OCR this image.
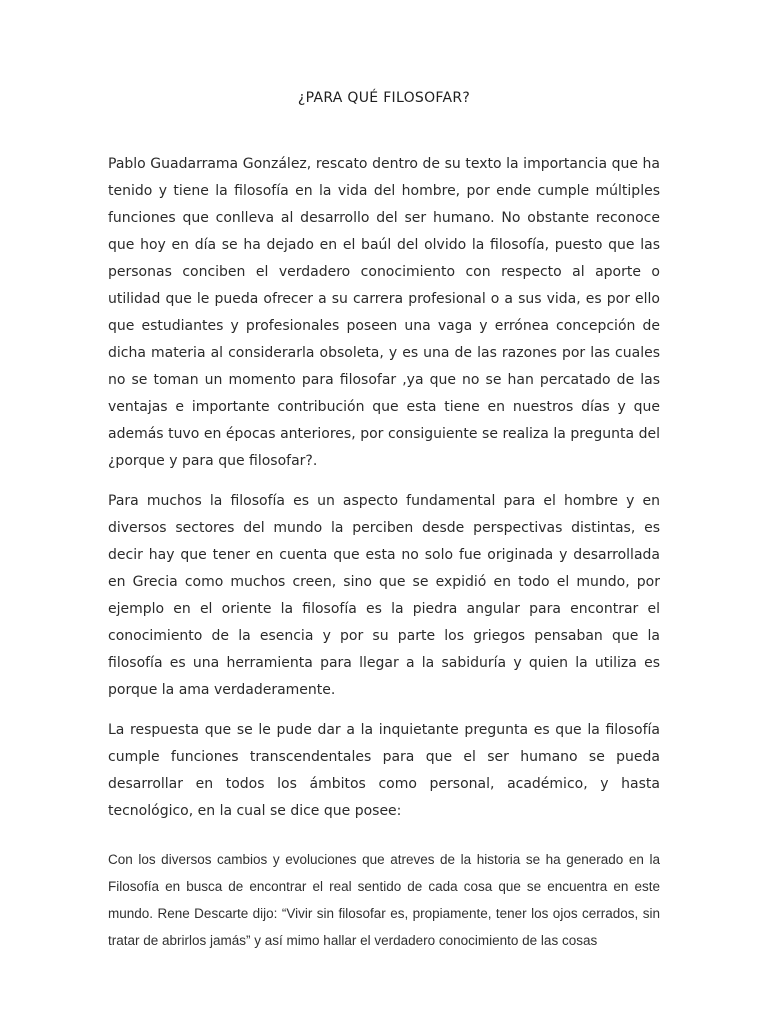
¿PARA QUÉ FILOSOFAR?

Pablo Guadarrama González, rescato dentro de su texto la importancia que ha tenido y tiene la filosofía en la vida del hombre, por ende cumple múltiples funciones que conlleva al desarrollo del ser humano. No obstante reconoce que hoy en día se ha dejado en el baúl del olvido la filosofía, puesto que las personas conciben el verdadero conocimiento con respecto al aporte o utilidad que le pueda ofrecer a su carrera profesional o a sus vida, es por ello que estudiantes y profesionales poseen una vaga y errónea concepción de dicha materia al considerarla obsoleta, y es una de las razones por las cuales no se toman un momento para filosofar ,ya que no se han percatado de las ventajas e importante contribución que esta tiene en nuestros días y que además tuvo en épocas anteriores, por consiguiente se realiza la pregunta del ¿porque y para que filosofar?.

Para muchos la filosofía es un aspecto fundamental para el hombre y en diversos sectores del mundo la perciben desde perspectivas distintas, es decir hay que tener en cuenta que esta no solo fue originada y desarrollada en Grecia como muchos creen, sino que se expidió en todo el mundo, por ejemplo en el oriente la filosofía es la piedra angular para encontrar el conocimiento de la esencia y por su parte los griegos pensaban que la filosofía es una herramienta para llegar a la sabiduría y quien la utiliza es porque la ama verdaderamente.

La respuesta que se le pude dar a la inquietante pregunta es que la filosofía cumple funciones transcendentales para que el ser humano se pueda desarrollar en todos los ámbitos como personal, académico, y hasta tecnológico, en la cual se dice que posee:

Con los diversos cambios y evoluciones que atreves de la historia se ha generado en la Filosofía en busca de encontrar el real sentido de cada cosa que se encuentra en este mundo. Rene Descarte dijo: “Vivir sin filosofar es, propiamente, tener los ojos cerrados, sin tratar de abrirlos jamás” y así mimo hallar el verdadero conocimiento de las cosas
